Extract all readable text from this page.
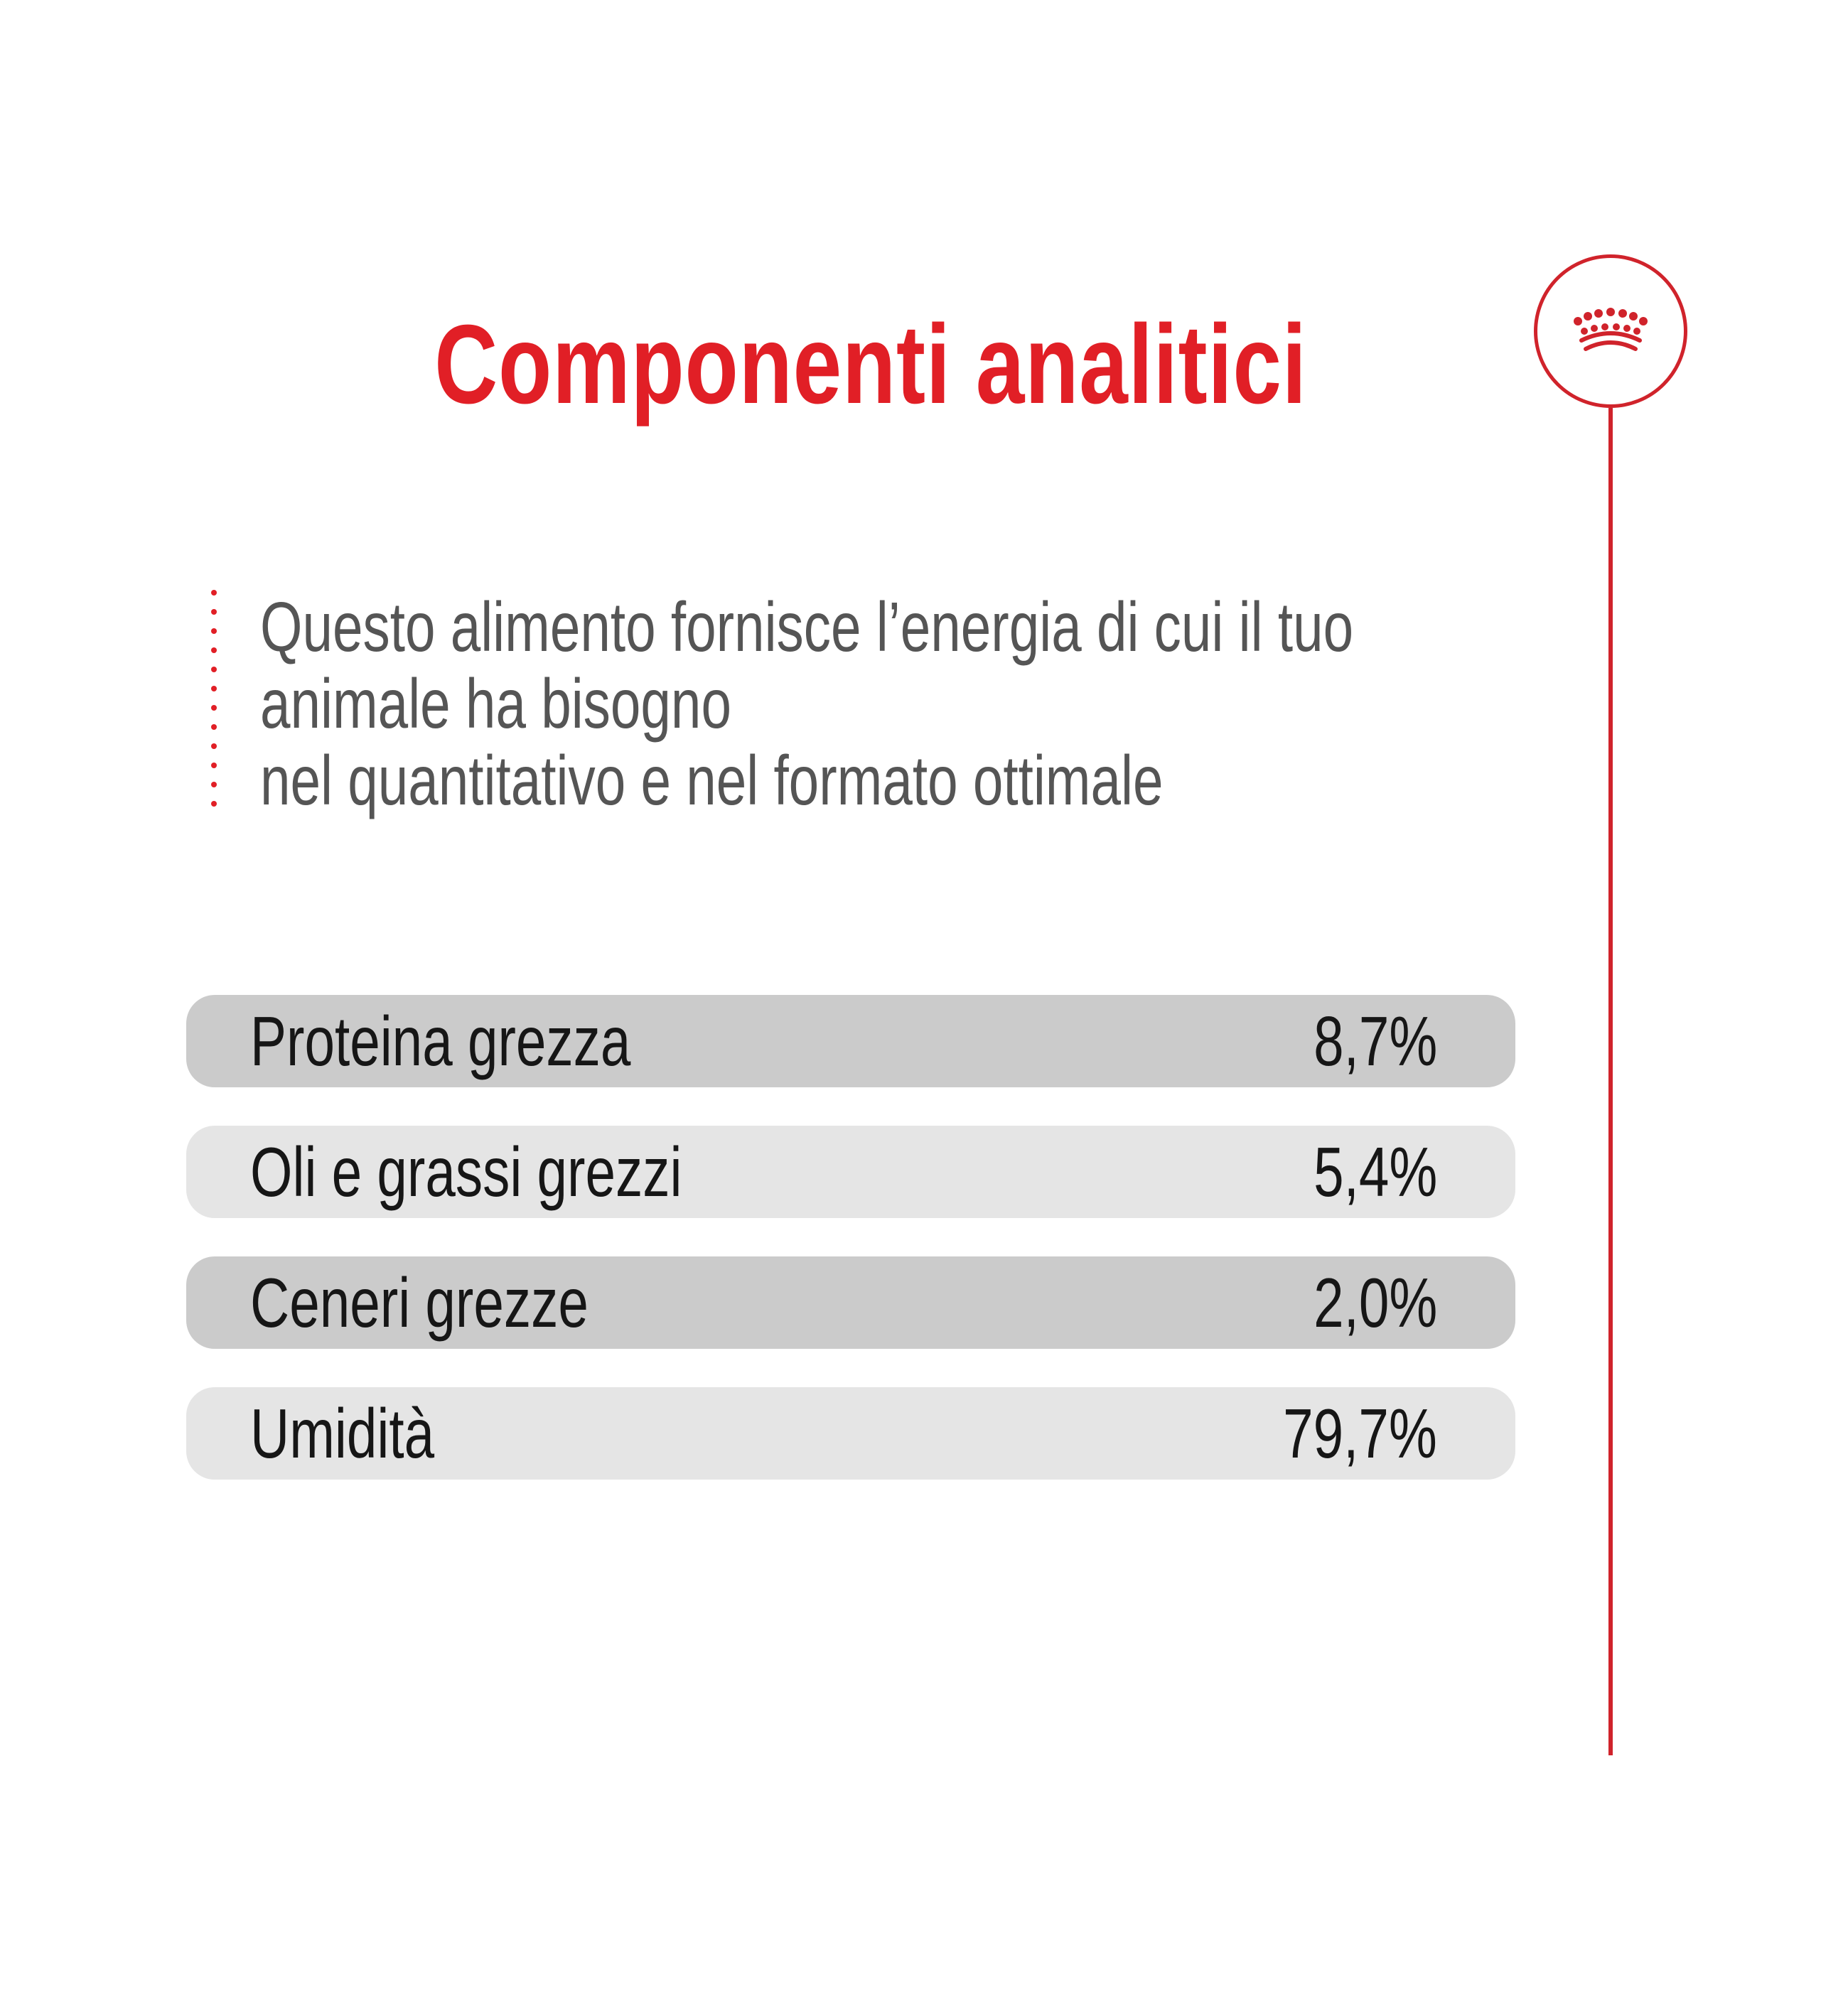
Componenti analitici
Questo alimento fornisce l’energia di cui il tuo
animale ha bisogno
nel quantitativo e nel formato ottimale
Proteina grezza	8,7%
Oli e grassi grezzi	5,4%
Ceneri grezze	2,0%
Umidità	79,7%
